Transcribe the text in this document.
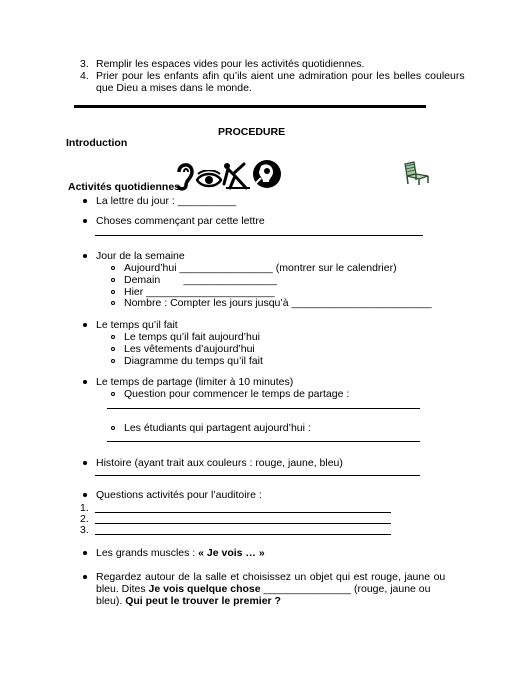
3. Remplir les espaces vides pour les activités quotidiennes.
4. Prier pour les enfants afin qu’ils aient une admiration pour les belles couleurs
que Dieu a mises dans le monde.
PROCEDURE
Introduction
Activités quotidiennes
La lettre du jour : __________
Choses commençant par cette lettre
Jour de la semaine
Aujourd’hui ________________ (montrer sur le calendrier)
Demain        ________________
Hier ______________________
Nombre : Compter les jours jusqu’à ________________________
Le temps qu’il fait
Le temps qu’il fait aujourd’hui
Les vêtements d’aujourd’hui
Diagramme du temps qu’il fait
Le temps de partage (limiter à 10 minutes)
Question pour commencer le temps de partage :
Les étudiants qui partagent aujourd’hui :
Histoire (ayant trait aux couleurs : rouge, jaune, bleu)
Questions activités pour l’auditoire :
1.
2.
3.
Les grands muscles : « Je vois … »
Regardez autour de la salle et choisissez un objet qui est rouge, jaune ou
bleu. Dites Je vois quelque chose _______________ (rouge, jaune ou
bleu). Qui peut le trouver le premier ?
